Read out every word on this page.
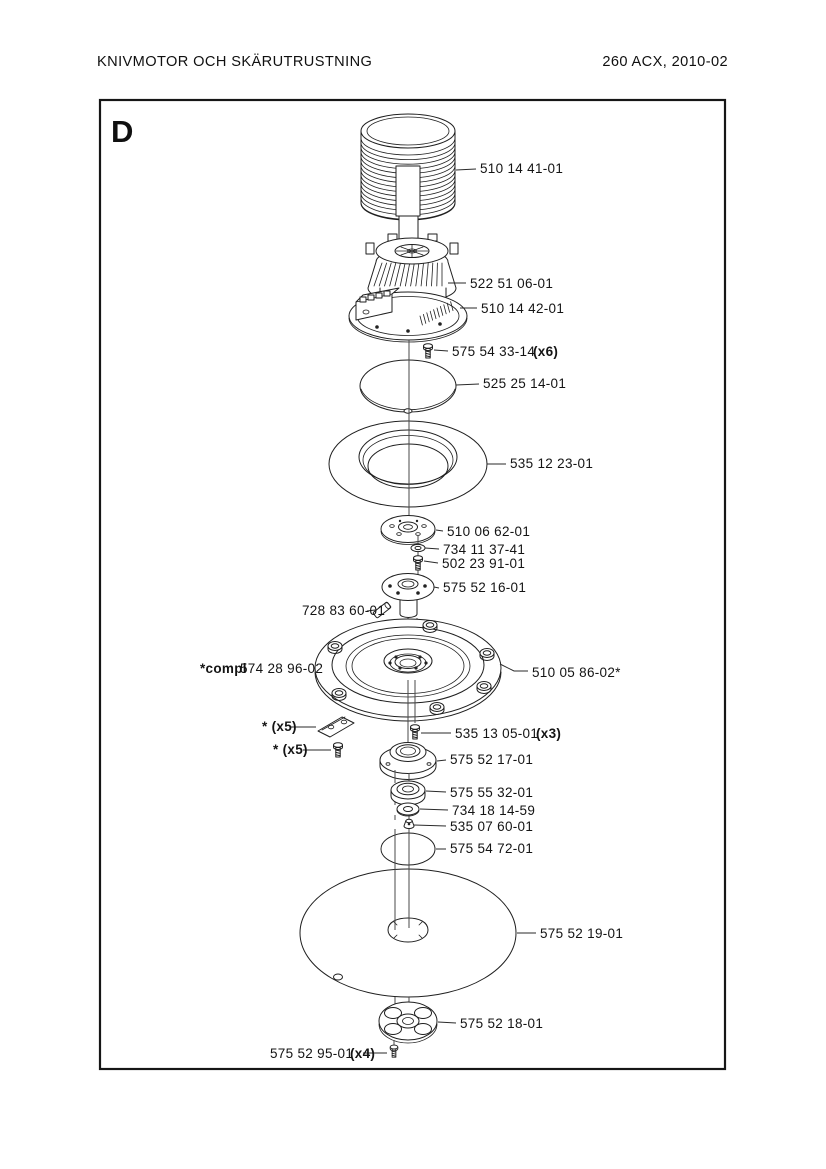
KNIVMOTOR OCH SKÄRUTRUSTNING	260 ACX, 2010-02
D
510 14 41-01
522 51 06-01
510 14 42-01
575 54 33-14
(x6)
525 25 14-01
535 12 23-01
510 06 62-01
734 11 37-41
502 23 91-01
575 52 16-01
728 83 60-01
*compl
574 28 96-02	510 05 86-02*
* (x5)
* (x5)
535 13 05-01
(x3)
575 52 17-01
575 55 32-01
734 18 14-59
535 07 60-01
575 54 72-01
575 52 19-01
575 52 18-01
575 52 95-01
(x4)
